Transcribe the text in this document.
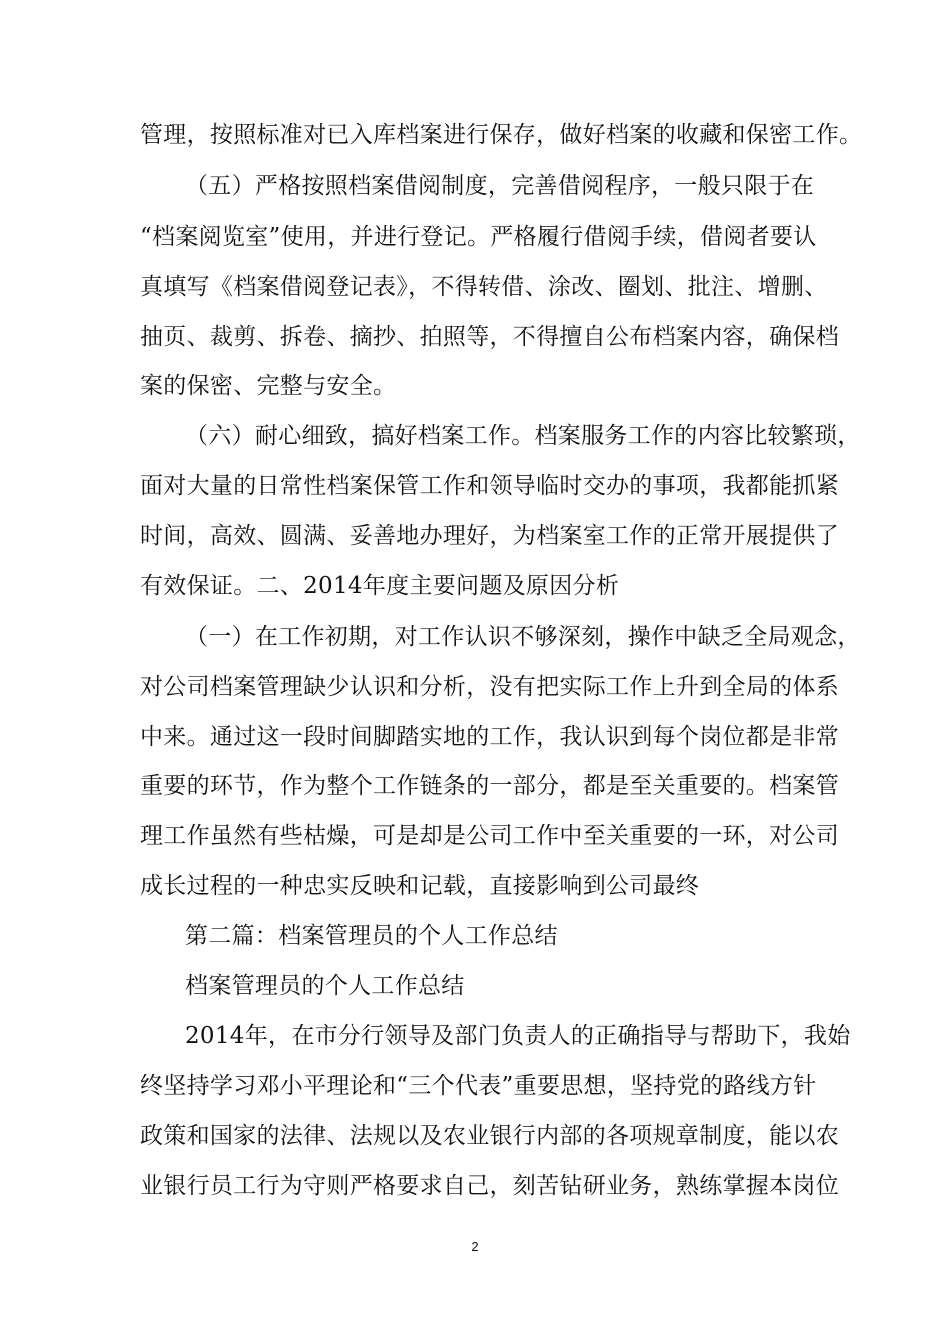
管理，按照标准对已入库档案进行保存，做好档案的收藏和保密工作。
（五）严格按照档案借阅制度，完善借阅程序，一般只限于在
“档案阅览室”使用，并进行登记。严格履行借阅手续，借阅者要认
真填写《档案借阅登记表》，不得转借、涂改、圈划、批注、增删、
抽页、裁剪、拆卷、摘抄、拍照等，不得擅自公布档案内容，确保档
案的保密、完整与安全。
（六）耐心细致，搞好档案工作。档案服务工作的内容比较繁琐，
面对大量的日常性档案保管工作和领导临时交办的事项，我都能抓紧
时间，高效、圆满、妥善地办理好，为档案室工作的正常开展提供了
有效保证。二、2014年度主要问题及原因分析
（一）在工作初期，对工作认识不够深刻，操作中缺乏全局观念，
对公司档案管理缺少认识和分析，没有把实际工作上升到全局的体系
中来。通过这一段时间脚踏实地的工作，我认识到每个岗位都是非常
重要的环节，作为整个工作链条的一部分，都是至关重要的。档案管
理工作虽然有些枯燥，可是却是公司工作中至关重要的一环，对公司
成长过程的一种忠实反映和记载，直接影响到公司最终
第二篇：档案管理员的个人工作总结
档案管理员的个人工作总结
2014年，在市分行领导及部门负责人的正确指导与帮助下，我始
终坚持学习邓小平理论和“三个代表”重要思想，坚持党的路线方针
政策和国家的法律、法规以及农业银行内部的各项规章制度，能以农
业银行员工行为守则严格要求自己，刻苦钻研业务，熟练掌握本岗位
2
